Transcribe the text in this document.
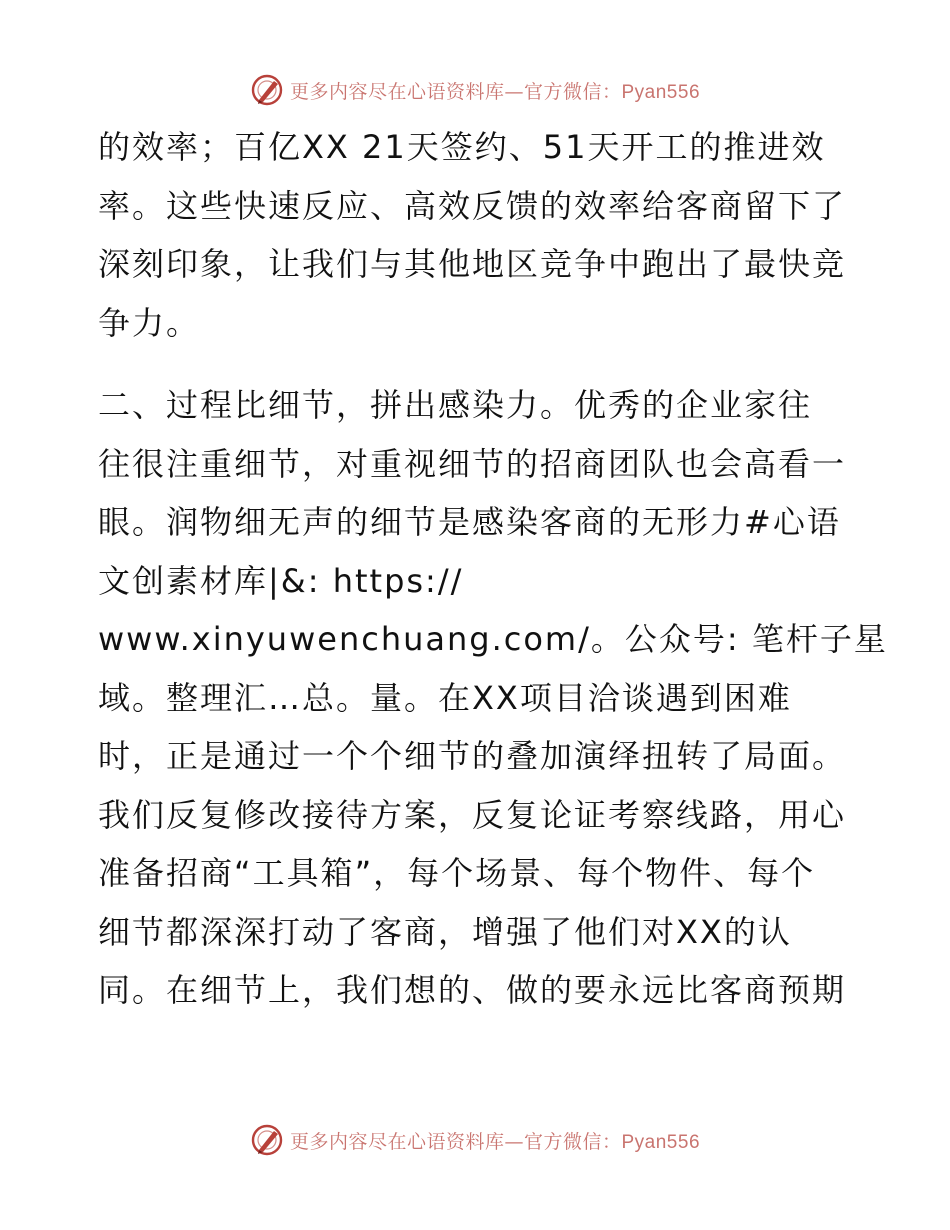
更多内容尽在心语资料库—官方微信：Pyan556
的效率；百亿XX 21天签约、51天开工的推进效
率。这些快速反应、高效反馈的效率给客商留下了
深刻印象，让我们与其他地区竞争中跑出了最快竞
争力。
二、过程比细节，拼出感染力。优秀的企业家往
往很注重细节，对重视细节的招商团队也会高看一
眼。润物细无声的细节是感染客商的无形力#心语
文创素材库|&: https://
www.xinyuwenchuang.com/。公众号: 笔杆子星
域。整理汇…总。量。在XX项目洽谈遇到困难
时，正是通过一个个细节的叠加演绎扭转了局面。
我们反复修改接待方案，反复论证考察线路，用心
准备招商“工具箱”，每个场景、每个物件、每个
细节都深深打动了客商，增强了他们对XX的认
同。在细节上，我们想的、做的要永远比客商预期
更多内容尽在心语资料库—官方微信：Pyan556
